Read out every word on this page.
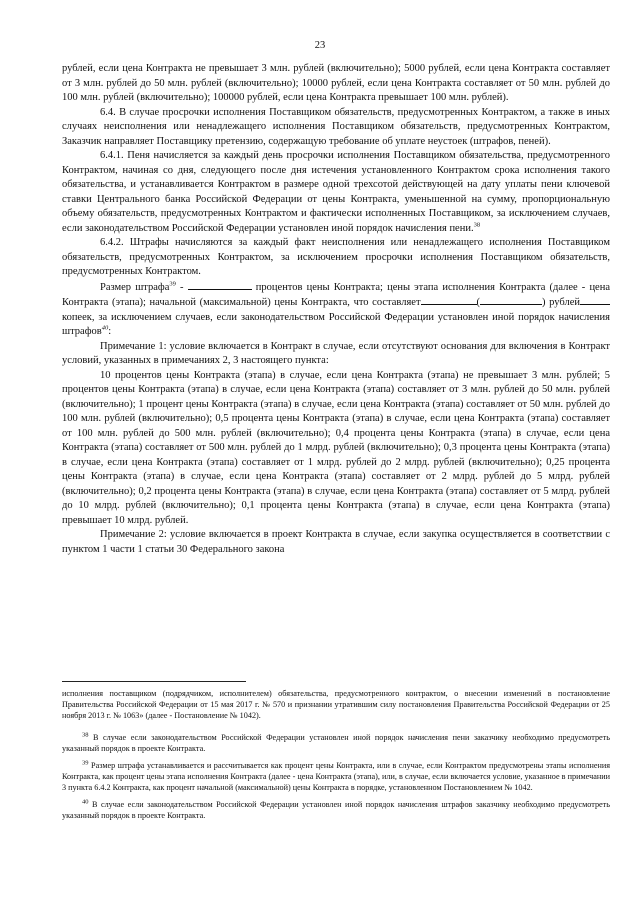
23

рублей, если цена Контракта не превышает 3 млн. рублей (включительно); 5000 рублей, если цена Контракта составляет от 3 млн. рублей до 50 млн. рублей (включительно); 10000 рублей, если цена Контракта составляет от 50 млн. рублей до 100 млн. рублей (включительно); 100000 рублей, если цена Контракта превышает 100 млн. рублей).

6.4. В случае просрочки исполнения Поставщиком обязательств, предусмотренных Контрактом, а также в иных случаях неисполнения или ненадлежащего исполнения Поставщиком обязательств, предусмотренных Контрактом, Заказчик направляет Поставщику претензию, содержащую требование об уплате неустоек (штрафов, пеней).

6.4.1. Пеня начисляется за каждый день просрочки исполнения Поставщиком обязательства, предусмотренного Контрактом, начиная со дня, следующего после дня истечения установленного Контрактом срока исполнения такого обязательства, и устанавливается Контрактом в размере одной трехсотой действующей на дату уплаты пени ключевой ставки Центрального банка Российской Федерации от цены Контракта, уменьшенной на сумму, пропорциональную объему обязательств, предусмотренных Контрактом и фактически исполненных Поставщиком, за исключением случаев, если законодательством Российской Федерации установлен иной порядок начисления пени.$^{38}$

6.4.2. Штрафы начисляются за каждый факт неисполнения или ненадлежащего исполнения Поставщиком обязательств, предусмотренных Контрактом, за исключением просрочки исполнения Поставщиком обязательств, предусмотренных Контрактом.

Размер штрафа$^{39}$ -	процентов цены Контракта; цены этапа исполнения Контракта (далее - цена Контракта (этапа); начальной (максимальной) цены Контракта, что составляет	(	) рублейкопеек, за исключением случаев, если законодательством Российской Федерации установлен иной порядок начисления штрафов$^{40}$:

Примечание 1: условие включается в Контракт в случае, если отсутствуют основания для включения в Контракт условий, указанных в примечаниях 2, 3 настоящего пункта:

10 процентов цены Контракта (этапа) в случае, если цена Контракта (этапа) не превышает 3 млн. рублей; 5 процентов цены Контракта (этапа) в случае, если цена Контракта (этапа) составляет от 3 млн. рублей до 50 млн. рублей (включительно); 1 процент цены Контракта (этапа) в случае, если цена Контракта (этапа) составляет от 50 млн. рублей до 100 млн. рублей (включительно); 0,5 процента цены Контракта (этапа) в случае, если цена Контракта (этапа) составляет от 100 млн. рублей до 500 млн. рублей (включительно); 0,4 процента цены Контракта (этапа) в случае, если цена Контракта (этапа) составляет от 500 млн. рублей до 1 млрд. рублей (включительно); 0,3 процента цены Контракта (этапа) в случае, если цена Контракта (этапа) составляет от 1 млрд. рублей до 2 млрд. рублей (включительно); 0,25 процента цены Контракта (этапа) в случае, если цена Контракта (этапа) составляет от 2 млрд. рублей до 5 млрд. рублей (включительно); 0,2 процента цены Контракта (этапа) в случае, если цена Контракта (этапа) составляет от 5 млрд. рублей до 10 млрд. рублей (включительно); 0,1 процента цены Контракта (этапа) в случае, если цена Контракта (этапа) превышает 10 млрд. рублей.

Примечание 2: условие включается в проект Контракта в случае, если закупка осуществляется в соответствии с пунктом 1 части 1 статьи 30 Федерального закона

исполнения поставщиком (подрядчиком, исполнителем) обязательства, предусмотренного контрактом, о внесении изменений в постановление Правительства Российской Федерации от 15 мая 2017 г. № 570 и признании утратившим силу постановления Правительства Российской Федерации от 25 ноября 2013 г. № 1063» (далее - Постановление № 1042).

$^{38}$ В случае если законодательством Российской Федерации установлен иной порядок начисления пени заказчику необходимо предусмотреть указанный порядок в проекте Контракта.

$^{39}$ Размер штрафа устанавливается и рассчитывается как процент цены Контракта, или в случае, если Контрактом предусмотрены этапы исполнения Контракта, как процент цены этапа исполнения Контракта (далее - цена Контракта (этапа), или, в случае, если включается условие, указанное в примечании 3 пункта 6.4.2 Контракта, как процент начальной (максимальной) цены Контракта в порядке, установленном Постановлением № 1042.

$^{40}$ В случае если законодательством Российской Федерации установлен иной порядок начисления штрафов заказчику необходимо предусмотреть указанный порядок в проекте Контракта.
